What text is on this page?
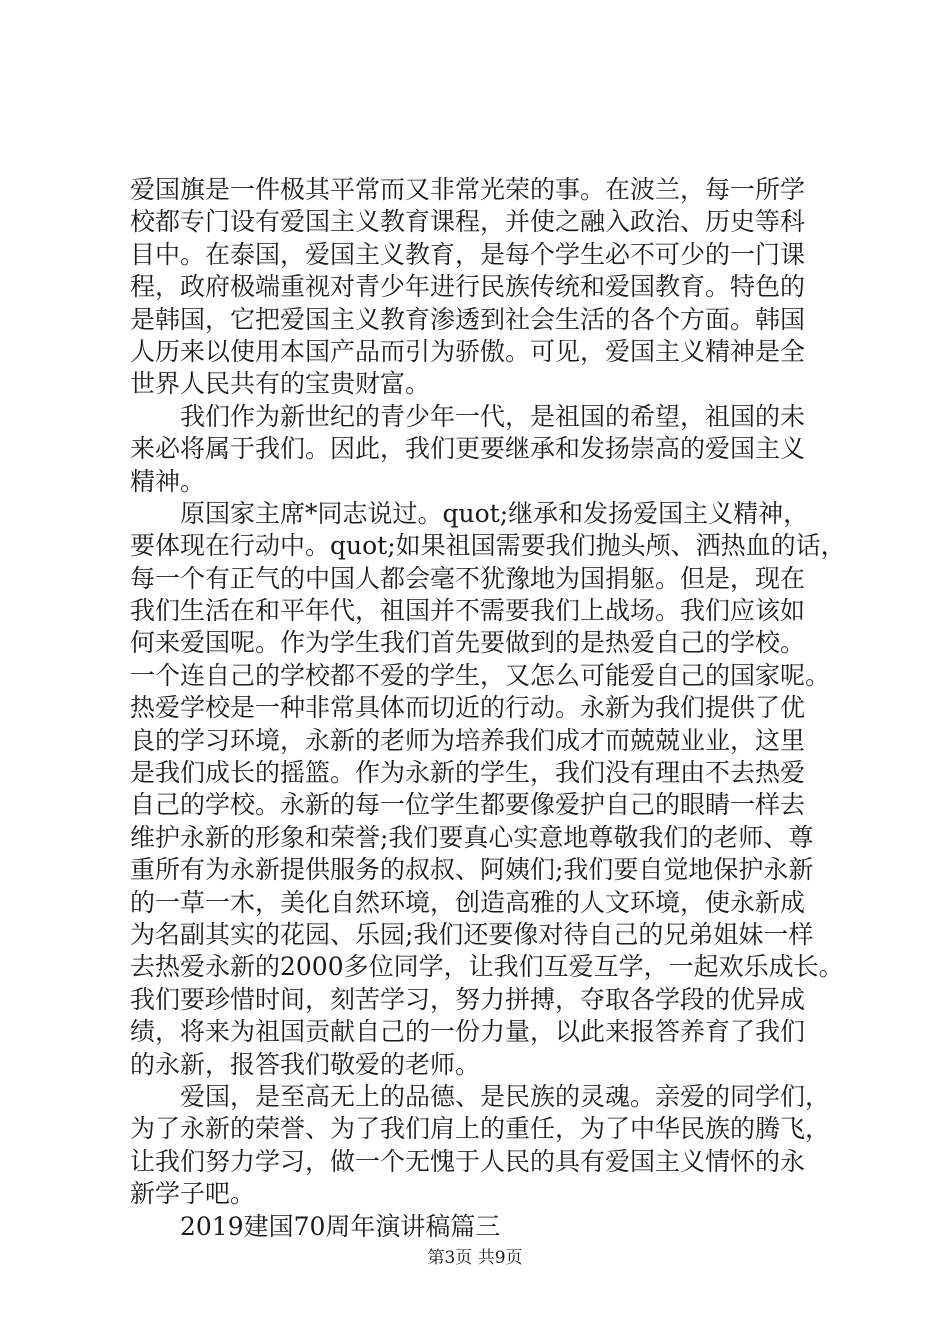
爱国旗是一件极其平常而又非常光荣的事。在波兰，每一所学
校都专门设有爱国主义教育课程，并使之融入政治、历史等科
目中。在泰国，爱国主义教育，是每个学生必不可少的一门课
程，政府极端重视对青少年进行民族传统和爱国教育。特色的
是韩国，它把爱国主义教育渗透到社会生活的各个方面。韩国
人历来以使用本国产品而引为骄傲。可见，爱国主义精神是全
世界人民共有的宝贵财富。
我们作为新世纪的青少年一代，是祖国的希望，祖国的未
来必将属于我们。因此，我们更要继承和发扬崇高的爱国主义
精神。
原国家主席*同志说过。quot;继承和发扬爱国主义精神，
要体现在行动中。quot;如果祖国需要我们抛头颅、洒热血的话，
每一个有正气的中国人都会毫不犹豫地为国捐躯。但是，现在
我们生活在和平年代，祖国并不需要我们上战场。我们应该如
何来爱国呢。作为学生我们首先要做到的是热爱自己的学校。
一个连自己的学校都不爱的学生，又怎么可能爱自己的国家呢。
热爱学校是一种非常具体而切近的行动。永新为我们提供了优
良的学习环境，永新的老师为培养我们成才而兢兢业业，这里
是我们成长的摇篮。作为永新的学生，我们没有理由不去热爱
自己的学校。永新的每一位学生都要像爱护自己的眼睛一样去
维护永新的形象和荣誉;我们要真心实意地尊敬我们的老师、尊
重所有为永新提供服务的叔叔、阿姨们;我们要自觉地保护永新
的一草一木，美化自然环境，创造高雅的人文环境，使永新成
为名副其实的花园、乐园;我们还要像对待自己的兄弟姐妹一样
去热爱永新的2000多位同学，让我们互爱互学，一起欢乐成长。
我们要珍惜时间，刻苦学习，努力拼搏，夺取各学段的优异成
绩，将来为祖国贡献自己的一份力量，以此来报答养育了我们
的永新，报答我们敬爱的老师。
爱国，是至高无上的品德、是民族的灵魂。亲爱的同学们，
为了永新的荣誉、为了我们肩上的重任，为了中华民族的腾飞，
让我们努力学习，做一个无愧于人民的具有爱国主义情怀的永
新学子吧。
2019建国70周年演讲稿篇三
第3页 共9页
